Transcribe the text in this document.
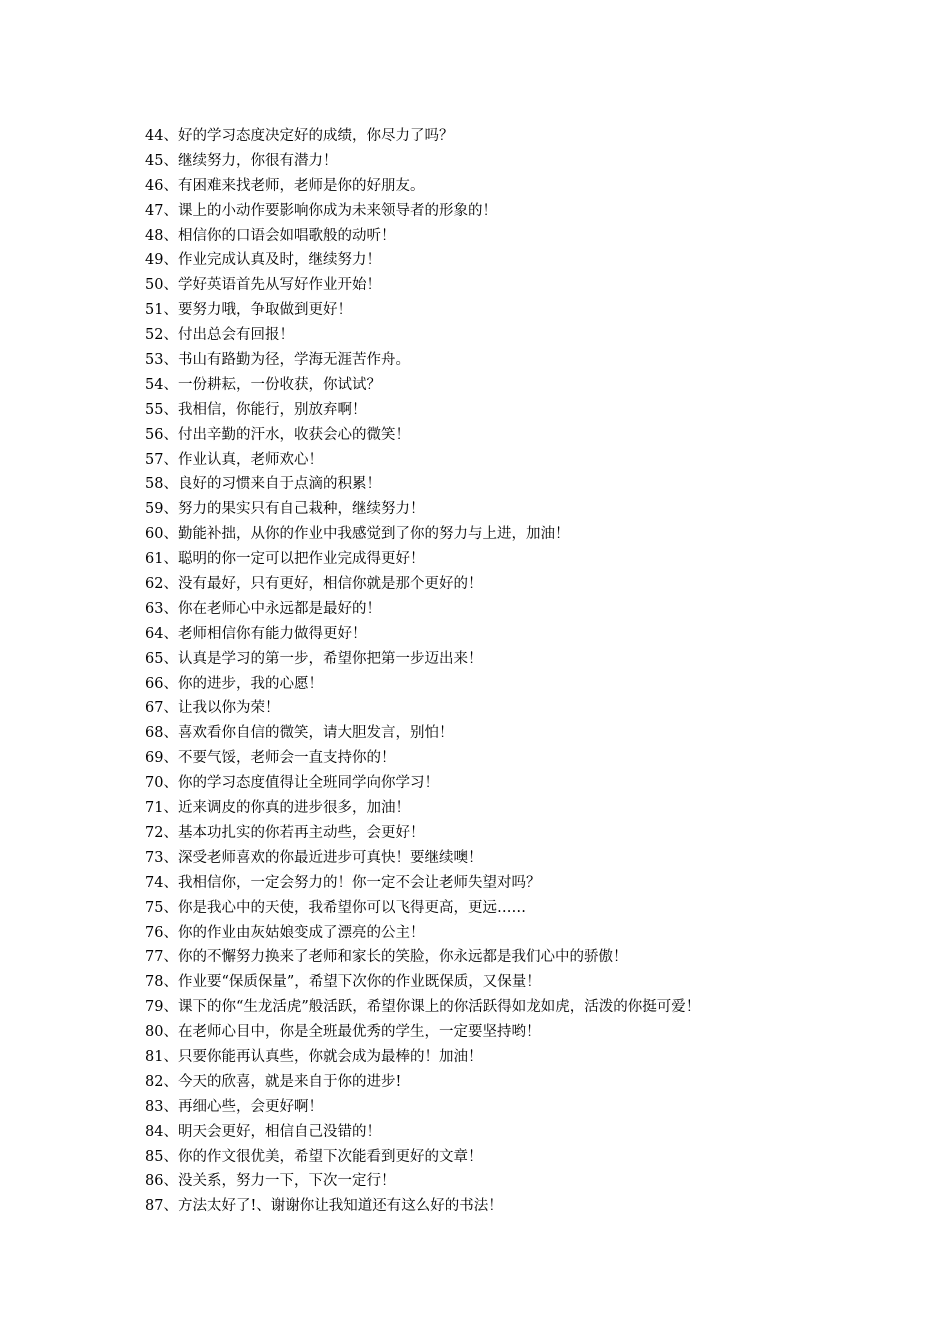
44、好的学习态度决定好的成绩，你尽力了吗？
45、继续努力，你很有潜力！
46、有困难来找老师，老师是你的好朋友。
47、课上的小动作要影响你成为未来领导者的形象的！
48、相信你的口语会如唱歌般的动听！
49、作业完成认真及时，继续努力！
50、学好英语首先从写好作业开始！
51、要努力哦，争取做到更好！
52、付出总会有回报！
53、书山有路勤为径，学海无涯苦作舟。
54、一份耕耘，一份收获，你试试？
55、我相信，你能行，别放弃啊！
56、付出辛勤的汗水，收获会心的微笑！
57、作业认真，老师欢心！
58、良好的习惯来自于点滴的积累！
59、努力的果实只有自己栽种，继续努力！
60、勤能补拙，从你的作业中我感觉到了你的努力与上进，加油！
61、聪明的你一定可以把作业完成得更好！
62、没有最好，只有更好，相信你就是那个更好的！
63、你在老师心中永远都是最好的！
64、老师相信你有能力做得更好！
65、认真是学习的第一步，希望你把第一步迈出来！
66、你的进步，我的心愿！
67、让我以你为荣！
68、喜欢看你自信的微笑，请大胆发言，别怕！
69、不要气馁，老师会一直支持你的！
70、你的学习态度值得让全班同学向你学习！
71、近来调皮的你真的进步很多，加油！
72、基本功扎实的你若再主动些，会更好！
73、深受老师喜欢的你最近进步可真快！要继续噢！
74、我相信你，一定会努力的！你一定不会让老师失望对吗？
75、你是我心中的天使，我希望你可以飞得更高，更远……
76、你的作业由灰姑娘变成了漂亮的公主！
77、你的不懈努力换来了老师和家长的笑脸，你永远都是我们心中的骄傲！
78、作业要“保质保量”，希望下次你的作业既保质，又保量！
79、课下的你“生龙活虎”般活跃，希望你课上的你活跃得如龙如虎，活泼的你挺可爱！
80、在老师心目中，你是全班最优秀的学生，一定要坚持哟！
81、只要你能再认真些，你就会成为最棒的！加油！
82、今天的欣喜，就是来自于你的进步!
83、再细心些，会更好啊！
84、明天会更好，相信自己没错的！
85、你的作文很优美，希望下次能看到更好的文章！
86、没关系，努力一下，下次一定行！
87、方法太好了!、谢谢你让我知道还有这么好的书法！
